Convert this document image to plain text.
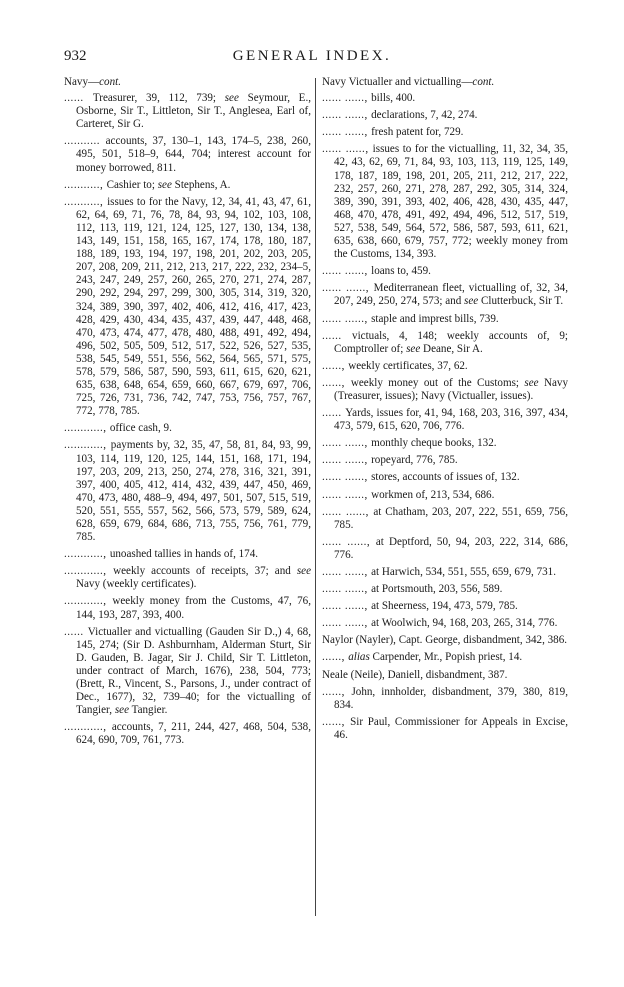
932	GENERAL INDEX.
Navy—cont.
...... Treasurer, 39, 112, 739; see Seymour, E., Osborne, Sir T., Littleton, Sir T., Anglesea, Earl of, Carteret, Sir G.
........... accounts, 37, 130–1, 143, 174–5, 238, 260, 495, 501, 518–9, 644, 704; interest account for money borrowed, 811.
..........., Cashier to; see Stephens, A.
..........., issues to for the Navy, 12, 34, 41, 43, 47, 61, 62, 64, 69, 71, 76, 78, 84, 93, 94, 102, 103, 108, 112, 113, 119, 121, 124, 125, 127, 130, 134, 138, 143, 149, 151, 158, 165, 167, 174, 178, 180, 187, 188, 189, 193, 194, 197, 198, 201, 202, 203, 205, 207, 208, 209, 211, 212, 213, 217, 222, 232, 234–5, 243, 247, 249, 257, 260, 265, 270, 271, 274, 287, 290, 292, 294, 297, 299, 300, 305, 314, 319, 320, 324, 389, 390, 397, 402, 406, 412, 416, 417, 423, 428, 429, 430, 434, 435, 437, 439, 447, 448, 468, 470, 473, 474, 477, 478, 480, 488, 491, 492, 494, 496, 502, 505, 509, 512, 517, 522, 526, 527, 535, 538, 545, 549, 551, 556, 562, 564, 565, 571, 575, 578, 579, 586, 587, 590, 593, 611, 615, 620, 621, 635, 638, 648, 654, 659, 660, 667, 679, 697, 706, 725, 726, 731, 736, 742, 747, 753, 756, 757, 767, 772, 778, 785.
............, office cash, 9.
............, payments by, 32, 35, 47, 58, 81, 84, 93, 99, 103, 114, 119, 120, 125, 144, 151, 168, 171, 194, 197, 203, 209, 213, 250, 274, 278, 316, 321, 391, 397, 400, 405, 412, 414, 432, 439, 447, 450, 469, 470, 473, 480, 488–9, 494, 497, 501, 507, 515, 519, 520, 551, 555, 557, 562, 566, 573, 579, 589, 624, 628, 659, 679, 684, 686, 713, 755, 756, 761, 779, 785.
............, unoashed tallies in hands of, 174.
............, weekly accounts of receipts, 37; and see Navy (weekly certificates).
............, weekly money from the Customs, 47, 76, 144, 193, 287, 393, 400.
...... Victualler and victualling (Gauden Sir D.,) 4, 68, 145, 274; (Sir D. Ashburnham, Alderman Sturt, Sir D. Gauden, B. Jagar, Sir J. Child, Sir T. Littleton, under contract of March, 1676), 238, 504, 773; (Brett, R., Vincent, S., Parsons, J., under contract of Dec., 1677), 32, 739–40; for the victualling of Tangier, see Tangier.
............, accounts, 7, 211, 244, 427, 468, 504, 538, 624, 690, 709, 761, 773.
Navy Victualler and victualling—cont.
...... ......, bills, 400.
...... ......, declarations, 7, 42, 274.
...... ......, fresh patent for, 729.
...... ......, issues to for the victualling, 11, 32, 34, 35, 42, 43, 62, 69, 71, 84, 93, 103, 113, 119, 125, 149, 178, 187, 189, 198, 201, 205, 211, 212, 217, 222, 232, 257, 260, 271, 278, 287, 292, 305, 314, 324, 389, 390, 391, 393, 402, 406, 428, 430, 435, 447, 468, 470, 478, 491, 492, 494, 496, 512, 517, 519, 527, 538, 549, 564, 572, 586, 587, 593, 611, 621, 635, 638, 660, 679, 757, 772; weekly money from the Customs, 134, 393.
...... ......, loans to, 459.
...... ......, Mediterranean fleet, victualling of, 32, 34, 207, 249, 250, 274, 573; and see Clutterbuck, Sir T.
...... ......, staple and imprest bills, 739.
...... victuals, 4, 148; weekly accounts of, 9; Comptroller of; see Deane, Sir A.
......, weekly certificates, 37, 62.
......, weekly money out of the Customs; see Navy (Treasurer, issues); Navy (Victualler, issues).
...... Yards, issues for, 41, 94, 168, 203, 316, 397, 434, 473, 579, 615, 620, 706, 776.
...... ......, monthly cheque books, 132.
...... ......, ropeyard, 776, 785.
...... ......, stores, accounts of issues of, 132.
...... ......, workmen of, 213, 534, 686.
...... ......, at Chatham, 203, 207, 222, 551, 659, 756, 785.
...... ......, at Deptford, 50, 94, 203, 222, 314, 686, 776.
...... ......, at Harwich, 534, 551, 555, 659, 679, 731.
...... ......, at Portsmouth, 203, 556, 589.
...... ......, at Sheerness, 194, 473, 579, 785.
...... ......, at Woolwich, 94, 168, 203, 265, 314, 776.
Naylor (Nayler), Capt. George, disbandment, 342, 386.
......, alias Carpender, Mr., Popish priest, 14.
Neale (Neile), Daniell, disbandment, 387.
......, John, innholder, disbandment, 379, 380, 819, 834.
......, Sir Paul, Commissioner for Appeals in Excise, 46.
